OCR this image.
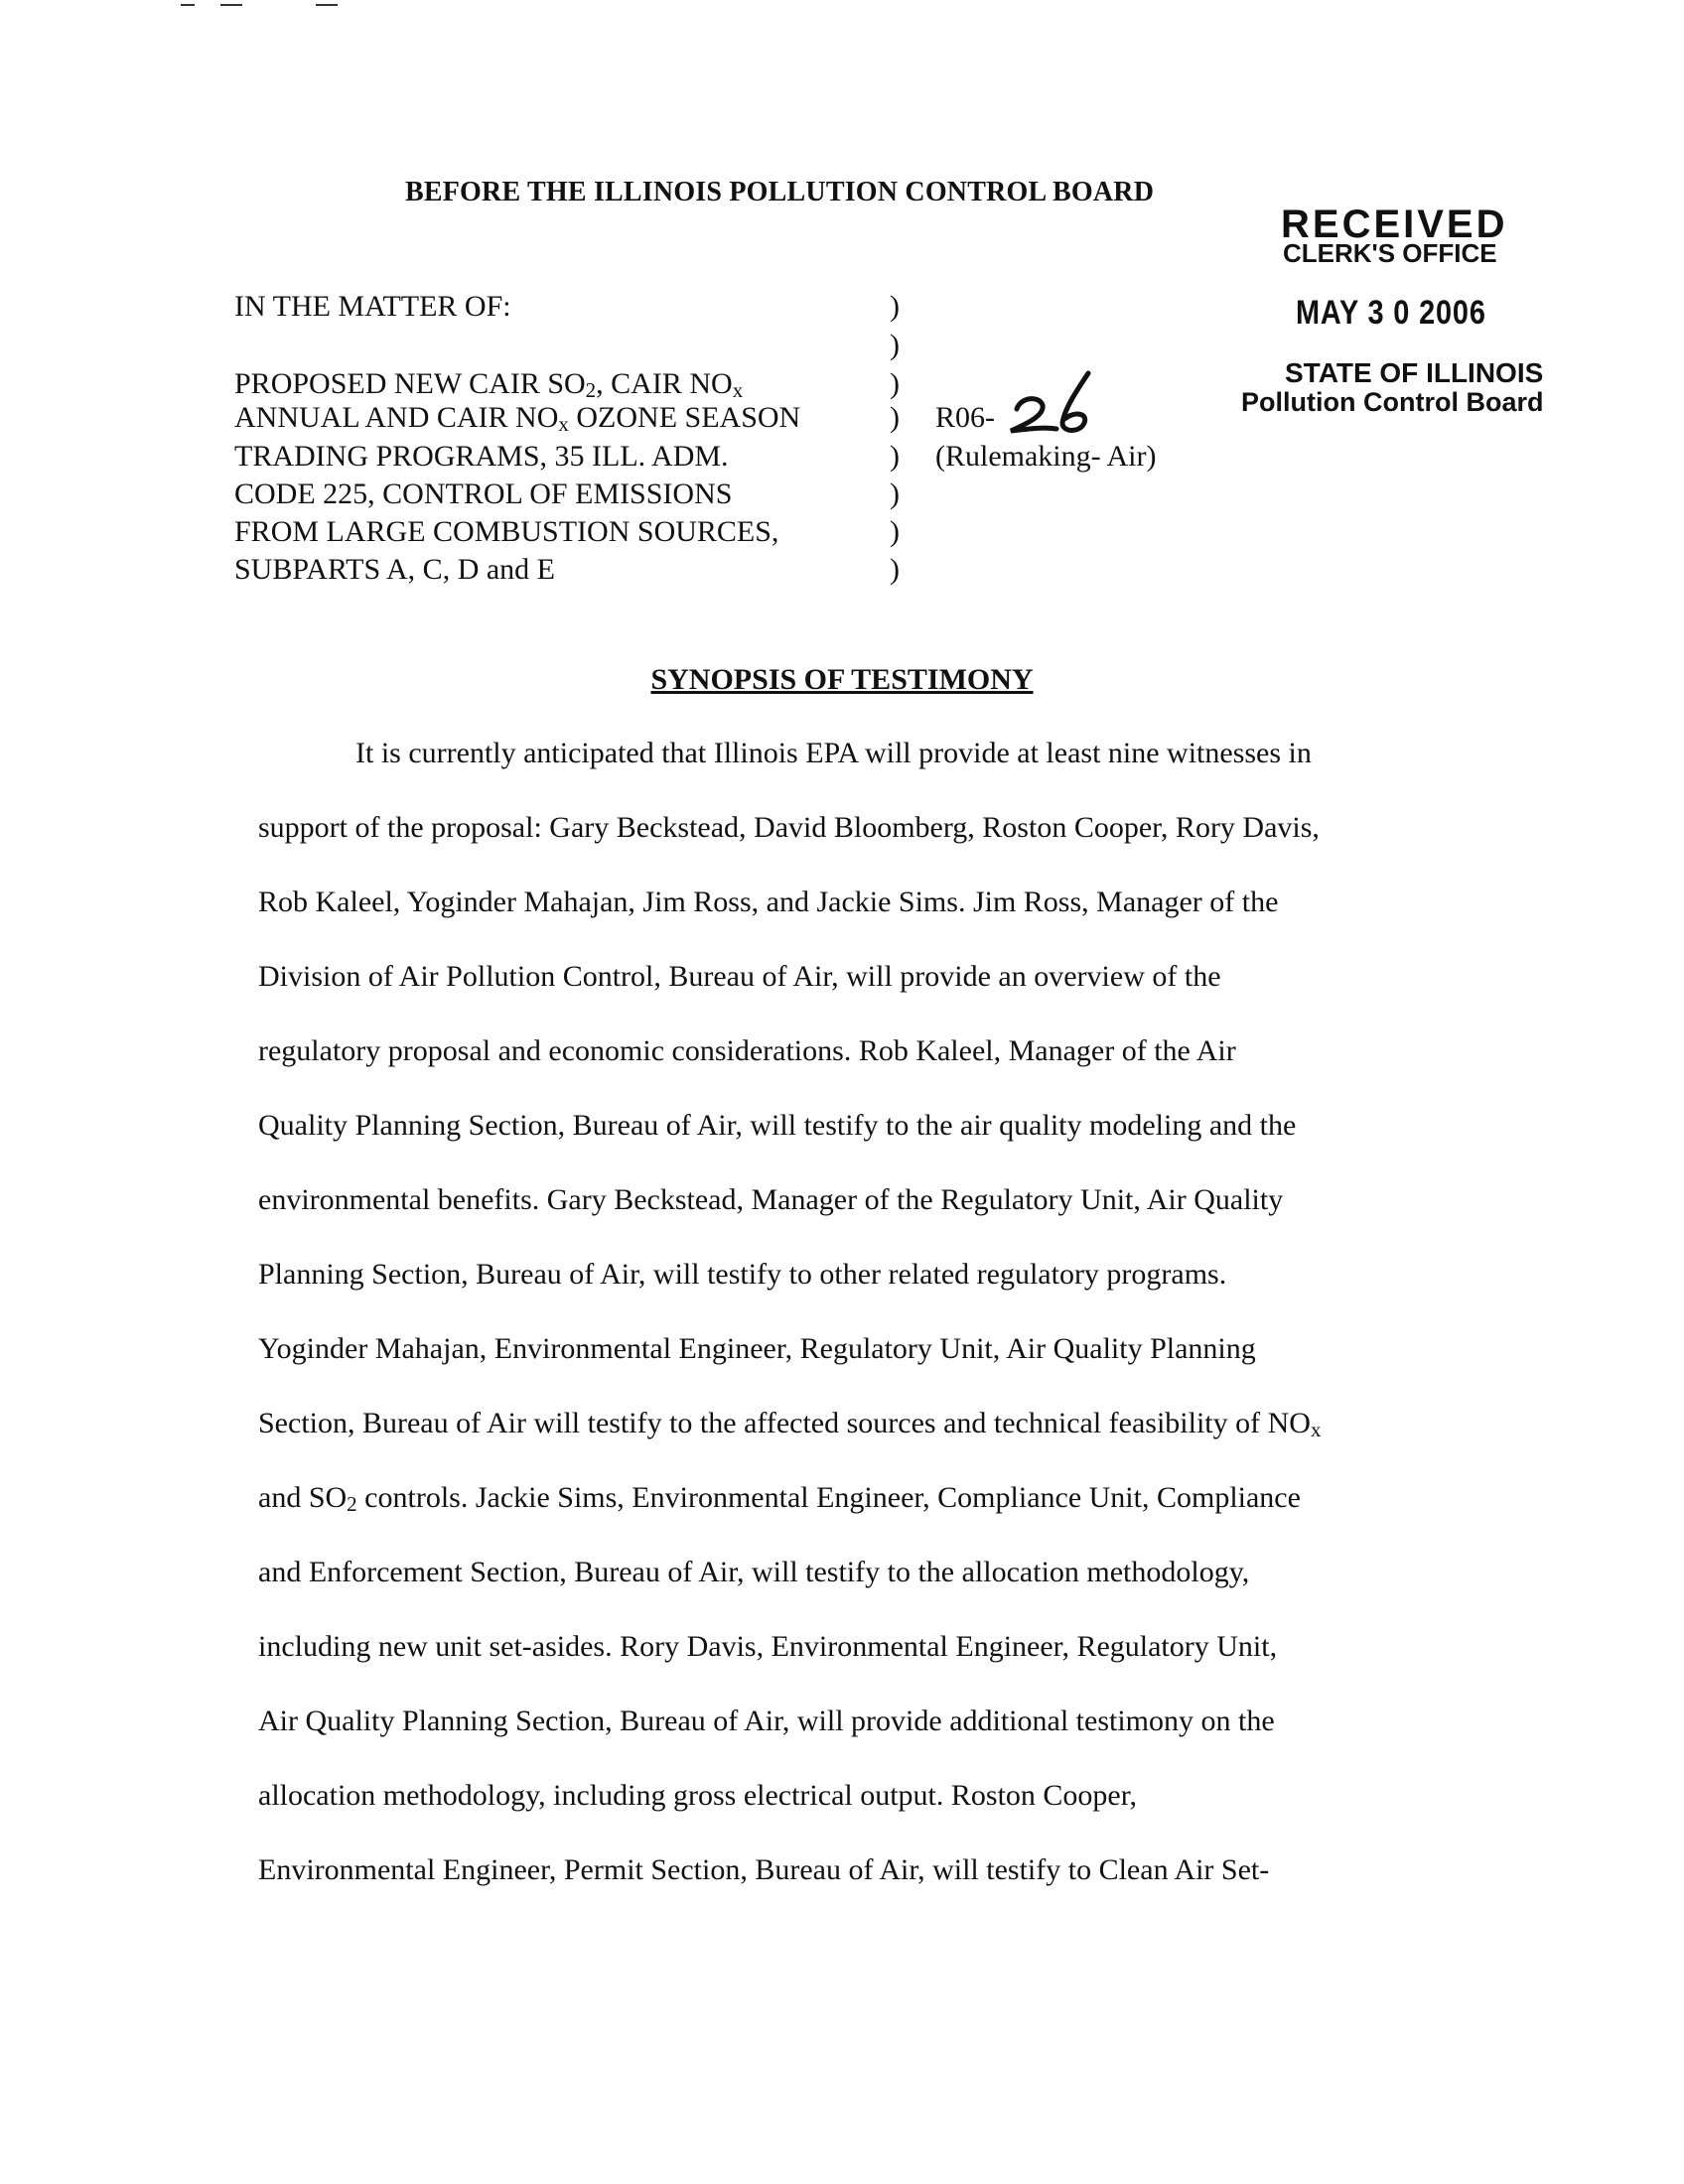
BEFORE THE ILLINOIS POLLUTION CONTROL BOARD
RECEIVED
CLERK'S OFFICE
MAY 3 0 2006
STATE OF ILLINOIS
Pollution Control Board
IN THE MATTER OF:
PROPOSED NEW CAIR $SO_2$, CAIR $NO_x$
ANNUAL AND CAIR $NO_x$ OZONE SEASON
TRADING PROGRAMS, 35 ILL. ADM.
CODE 225, CONTROL OF EMISSIONS
FROM LARGE COMBUSTION SOURCES,
SUBPARTS A, C, D and E
)
)
)
)
)
)
)
)
R06-
(Rulemaking- Air)
SYNOPSIS OF TESTIMONY
It is currently anticipated that Illinois EPA will provide at least nine witnesses in
support of the proposal: Gary Beckstead, David Bloomberg, Roston Cooper, Rory Davis,
Rob Kaleel, Yoginder Mahajan, Jim Ross, and Jackie Sims. Jim Ross, Manager of the
Division of Air Pollution Control, Bureau of Air, will provide an overview of the
regulatory proposal and economic considerations. Rob Kaleel, Manager of the Air
Quality Planning Section, Bureau of Air, will testify to the air quality modeling and the
environmental benefits. Gary Beckstead, Manager of the Regulatory Unit, Air Quality
Planning Section, Bureau of Air, will testify to other related regulatory programs.
Yoginder Mahajan, Environmental Engineer, Regulatory Unit, Air Quality Planning
Section, Bureau of Air will testify to the affected sources and technical feasibility of $NO_x$
and $SO_2$ controls. Jackie Sims, Environmental Engineer, Compliance Unit, Compliance
and Enforcement Section, Bureau of Air, will testify to the allocation methodology,
including new unit set-asides. Rory Davis, Environmental Engineer, Regulatory Unit,
Air Quality Planning Section, Bureau of Air, will provide additional testimony on the
allocation methodology, including gross electrical output. Roston Cooper,
Environmental Engineer, Permit Section, Bureau of Air, will testify to Clean Air Set-
